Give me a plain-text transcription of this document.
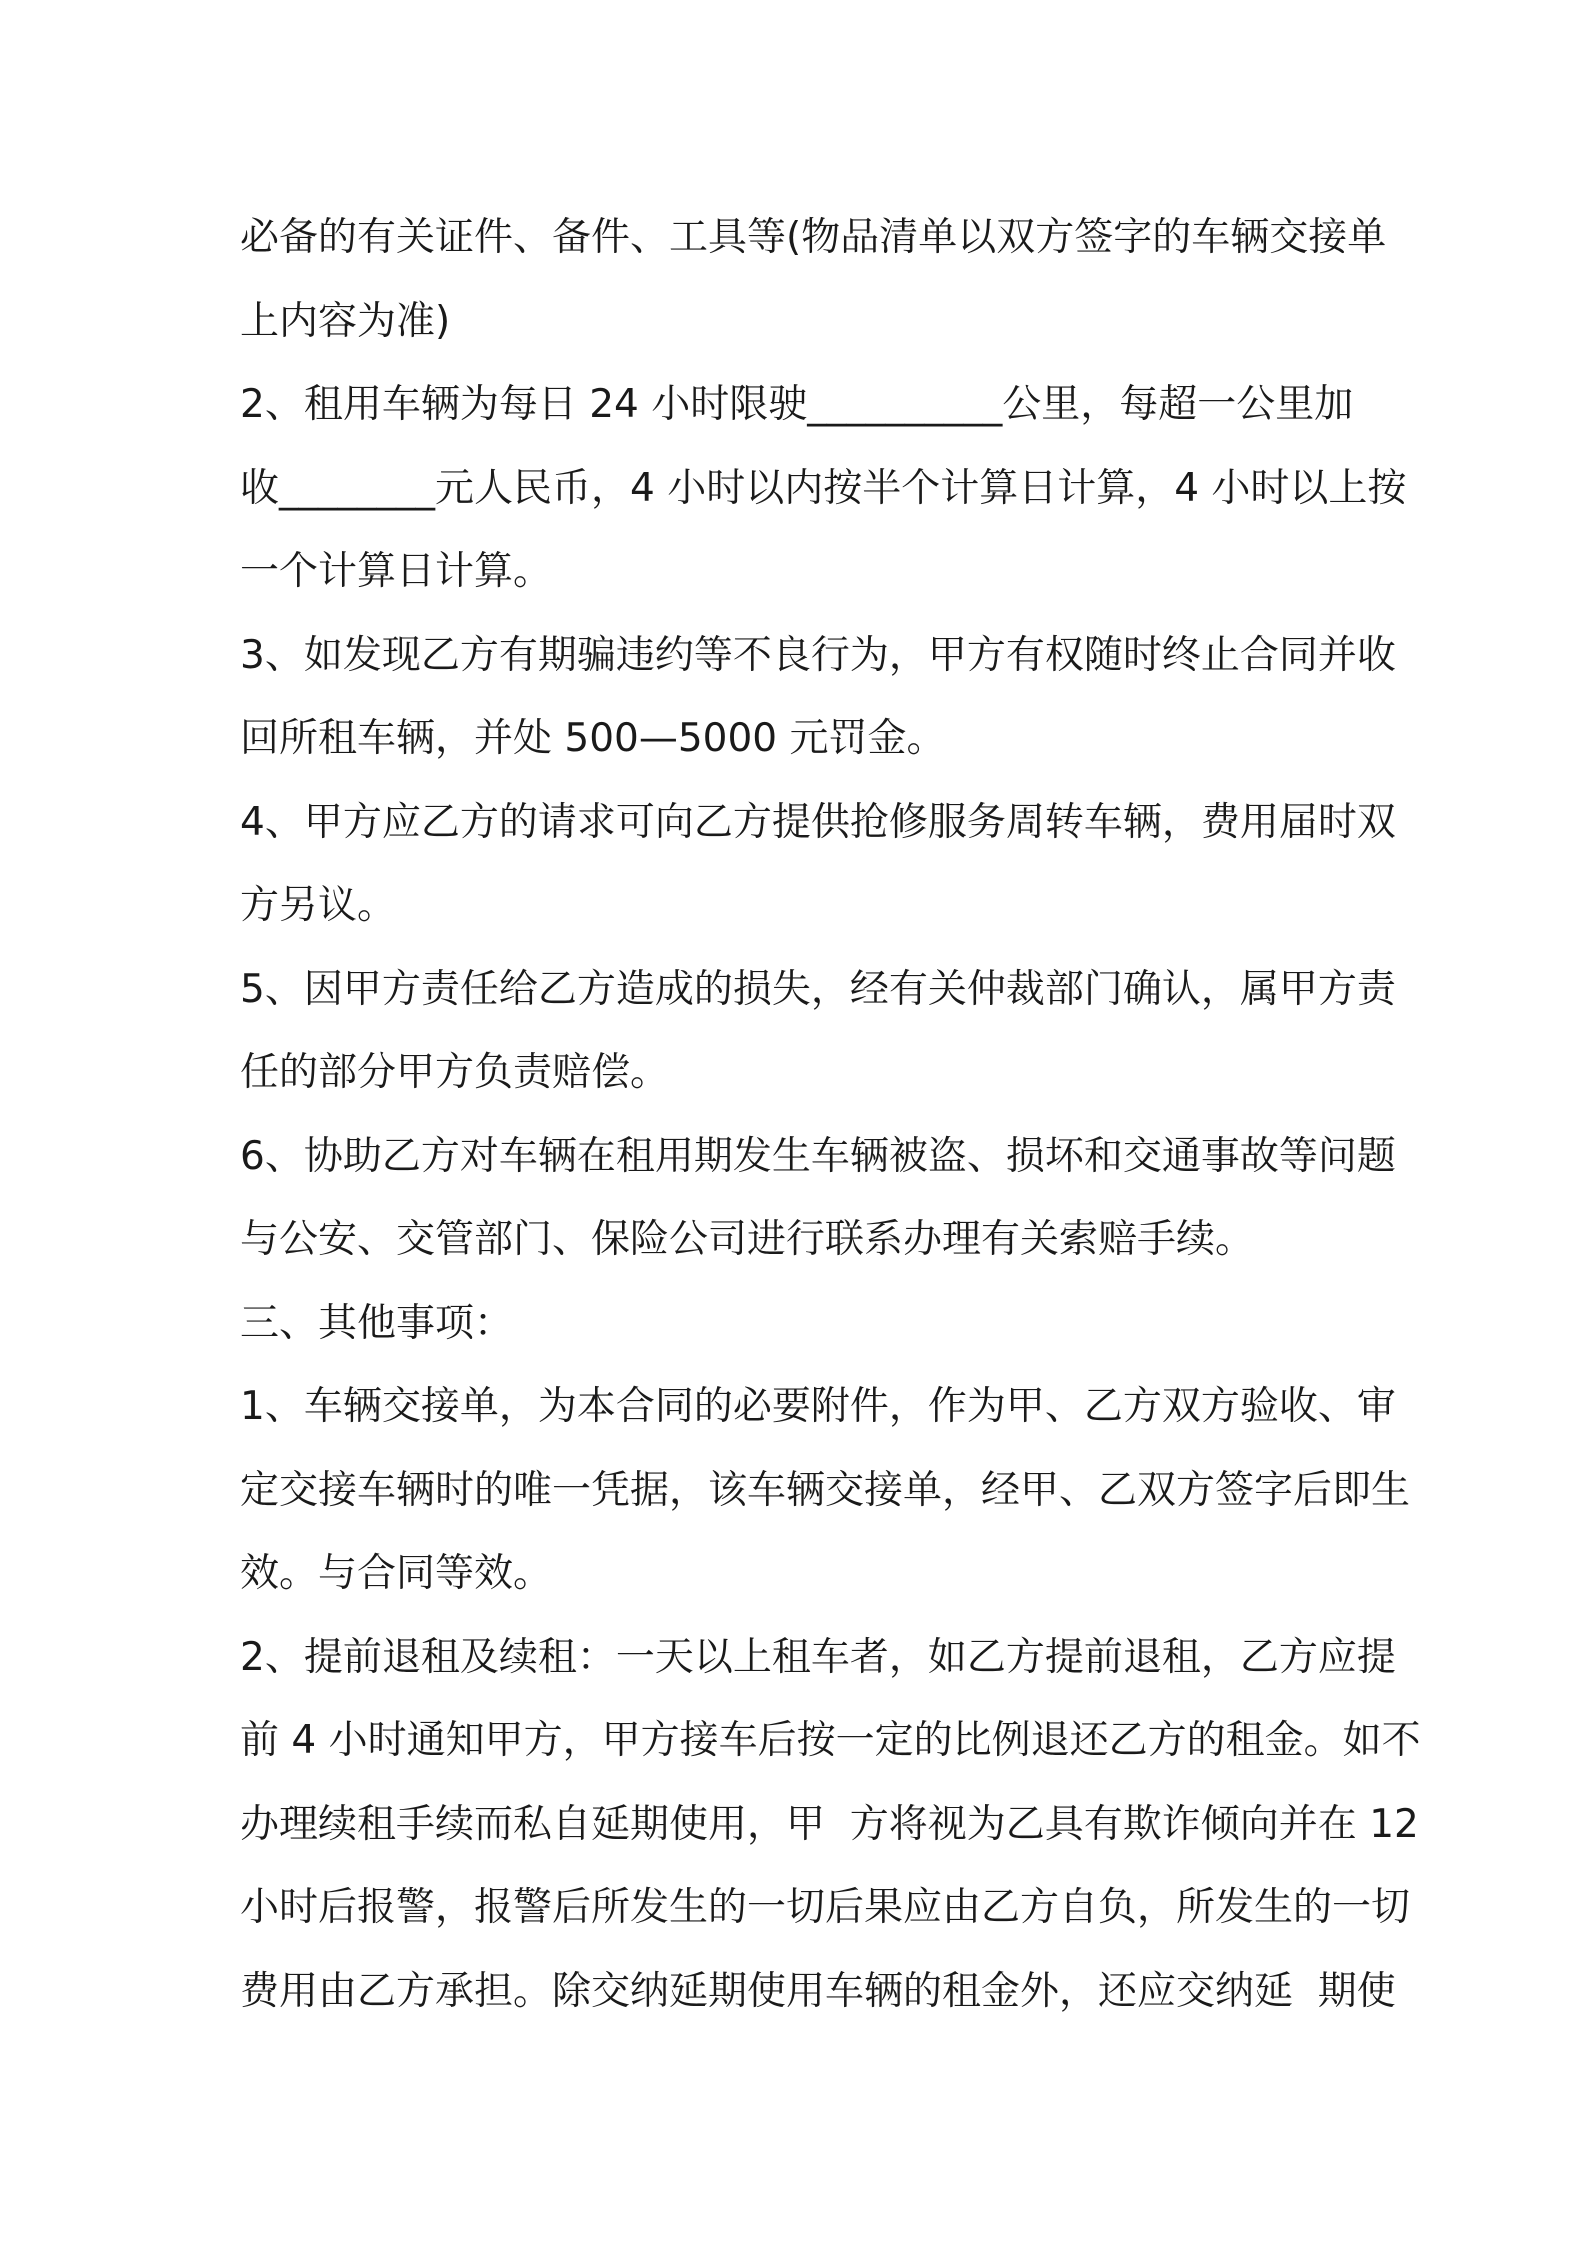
必备的有关证件、备件、工具等(物品清单以双方签字的车辆交接单
上内容为准)
2、租用车辆为每日 24 小时限驶__________公里，每超一公里加
收________元人民币，4 小时以内按半个计算日计算，4 小时以上按
一个计算日计算。
3、如发现乙方有期骗违约等不良行为，甲方有权随时终止合同并收
回所租车辆，并处 500—5000 元罚金。
4、甲方应乙方的请求可向乙方提供抢修服务周转车辆，费用届时双
方另议。
5、因甲方责任给乙方造成的损失，经有关仲裁部门确认，属甲方责
任的部分甲方负责赔偿。
6、协助乙方对车辆在租用期发生车辆被盗、损坏和交通事故等问题
与公安、交管部门、保险公司进行联系办理有关索赔手续。
三、其他事项：
1、车辆交接单，为本合同的必要附件，作为甲、乙方双方验收、审
定交接车辆时的唯一凭据，该车辆交接单，经甲、乙双方签字后即生
效。与合同等效。
2、提前退租及续租：一天以上租车者，如乙方提前退租，乙方应提
前 4 小时通知甲方，甲方接车后按一定的比例退还乙方的租金。如不
办理续租手续而私自延期使用，甲  方将视为乙具有欺诈倾向并在 12
小时后报警，报警后所发生的一切后果应由乙方自负，所发生的一切
费用由乙方承担。除交纳延期使用车辆的租金外，还应交纳延  期使
